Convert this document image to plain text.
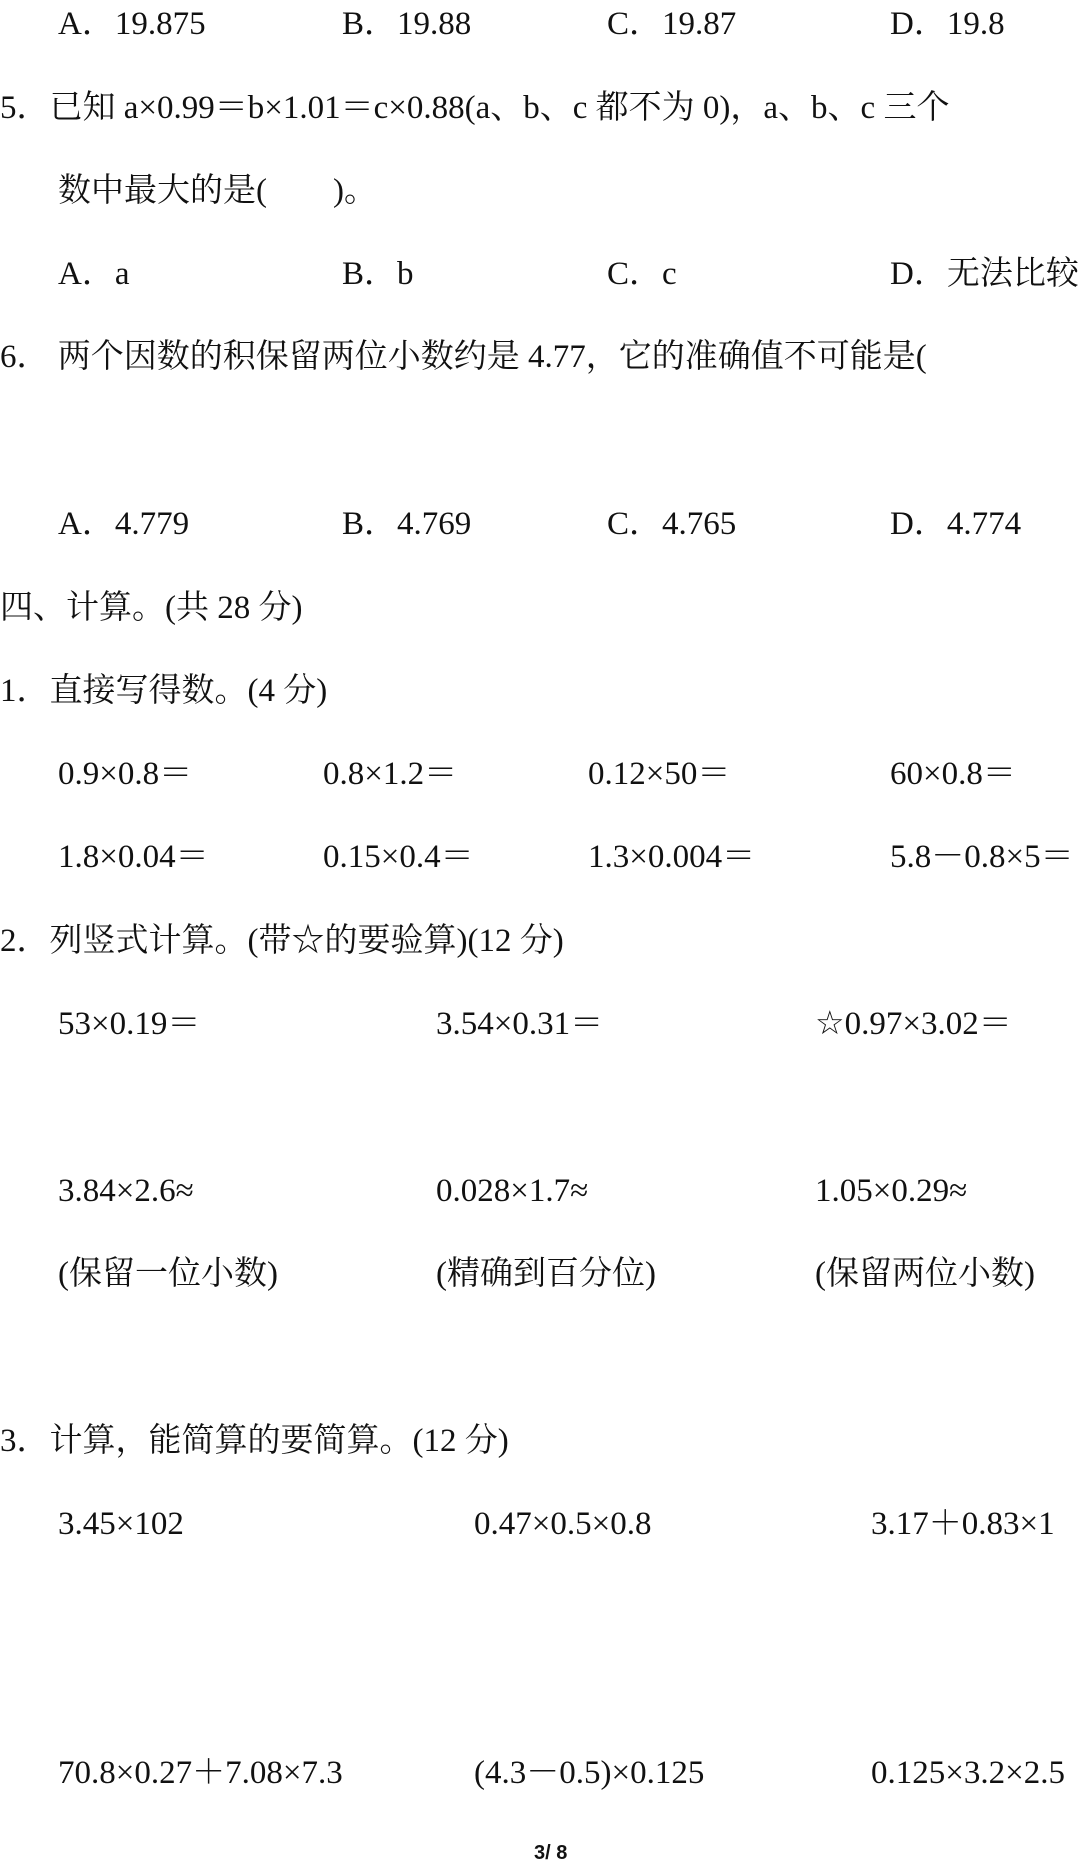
A．19.875	B．19.88	C．19.87	D．19.8
5．已知 a×0.99＝b×1.01＝c×0.88(a、b、c 都不为 0)，a、b、c 三个
数中最大的是(　　)。
A．a	B．b	C．c	D．无法比较
6． 两个因数的积保留两位小数约是 4.77，它的准确值不可能是(
A．4.779	B．4.769	C．4.765	D．4.774
四、计算。(共 28 分)
1．直接写得数。(4 分)
0.9×0.8＝	0.8×1.2＝	0.12×50＝	60×0.8＝
1.8×0.04＝	0.15×0.4＝	1.3×0.004＝	5.8－0.8×5＝
2．列竖式计算。(带☆的要验算)(12 分)
53×0.19＝	3.54×0.31＝	☆0.97×3.02＝
3.84×2.6≈	0.028×1.7≈	1.05×0.29≈
(保留一位小数)	(精确到百分位)	(保留两位小数)
3．计算，能简算的要简算。(12 分)
3.45×102	0.47×0.5×0.8	3.17＋0.83×1
70.8×0.27＋7.08×7.3	(4.3－0.5)×0.125	0.125×3.2×2.5
3/ 8
